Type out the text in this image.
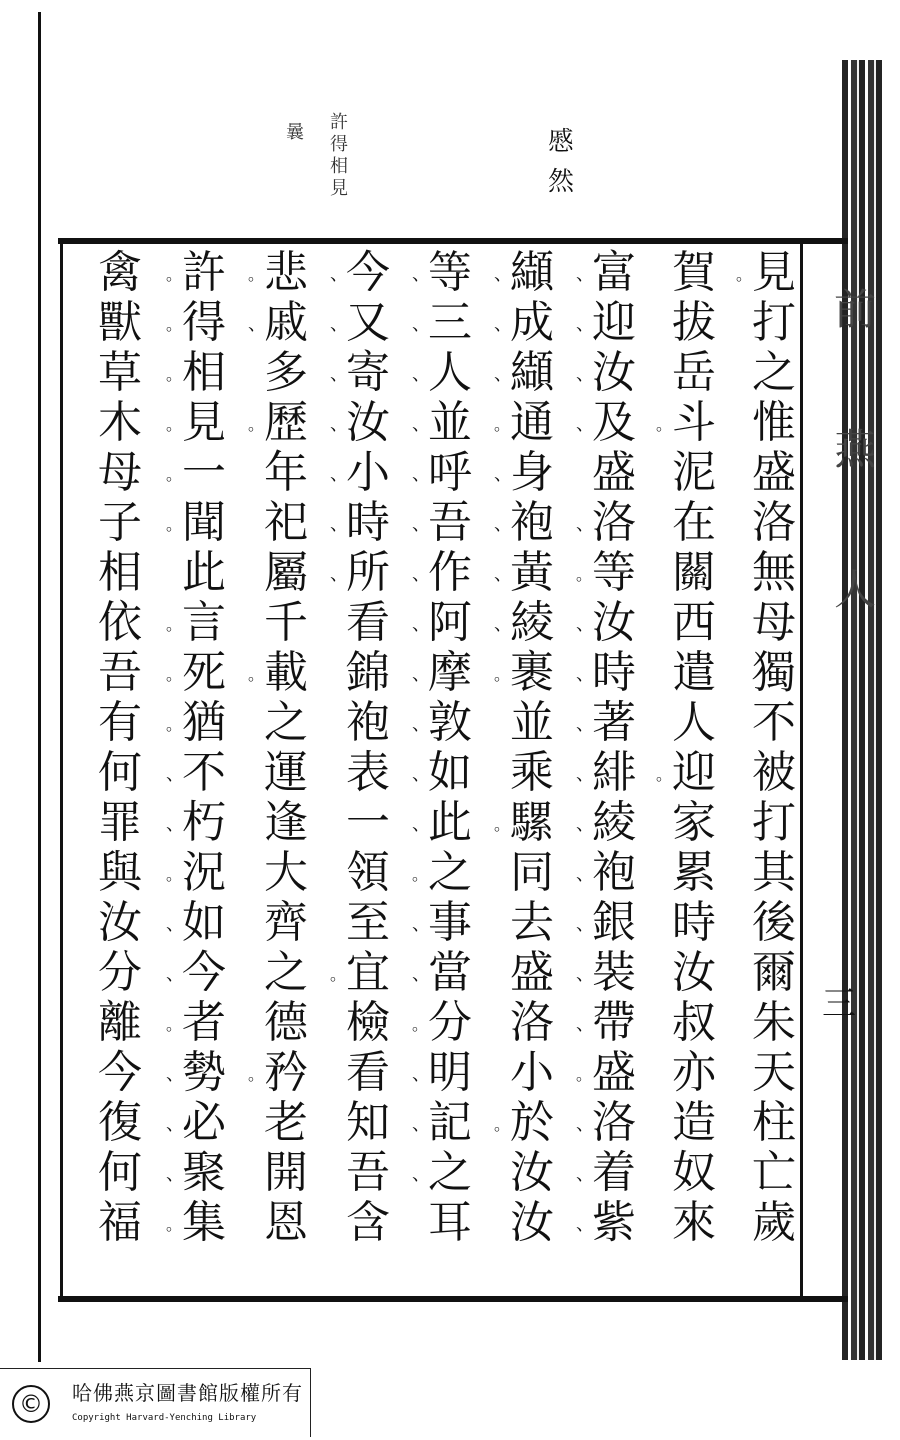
曩 許得相見
慼然
前燕人
三
見
。
打
之
惟
盛
洛
無
母
獨
不
被
打
其
後
爾
朱
天
柱
亡
歲
賀
拔
岳
斗
。
泥
在
關
西
遣
人
迎
。
家
累
時
汝
叔
亦
造
奴
來
富
、
迎
、
汝
、
及
、
盛
洛
、
等
。
汝
、
時
、
著
、
緋
、
綾
、
袍
、
銀
、
裝
、
帶
、
盛
。
洛
、
着
、
紫
、
纈
、
成
、
纈
、
通
。
身
、
袍
、
黃
、
綾
、
裹
。
並
乘
騾
。
同
去
盛
洛
小
於
。
汝
汝
等
、
三
、
人
、
並
、
呼
、
吾
、
作
、
阿
、
摩
、
敦
、
如
、
此
、
之
。
事
、
當
、
分
。
明
、
記
、
之
、
耳
今
、
又
、
寄
、
汝
、
小
、
時
、
所
、
看
錦
袍
表
一
領
至
宜
。
檢
看
知
吾
含
悲
。
戚
、
多
歷
。
年
祀
屬
千
載
。
之
運
逢
大
齊
之
德
矜
。
老
開
恩
許
。
得
。
相
。
見
。
一
。
聞
。
此
言
。
死
。
猶
。
不
、
朽
、
況
。
如
、
今
、
者
。
勢
、
必
、
聚
、
集
。
禽
獸
草
木
母
子
相
依
吾
有
何
罪
與
汝
分
離
今
復
何
福
©	哈佛燕京圖書館版權所有
Copyright Harvard-Yenching Library
